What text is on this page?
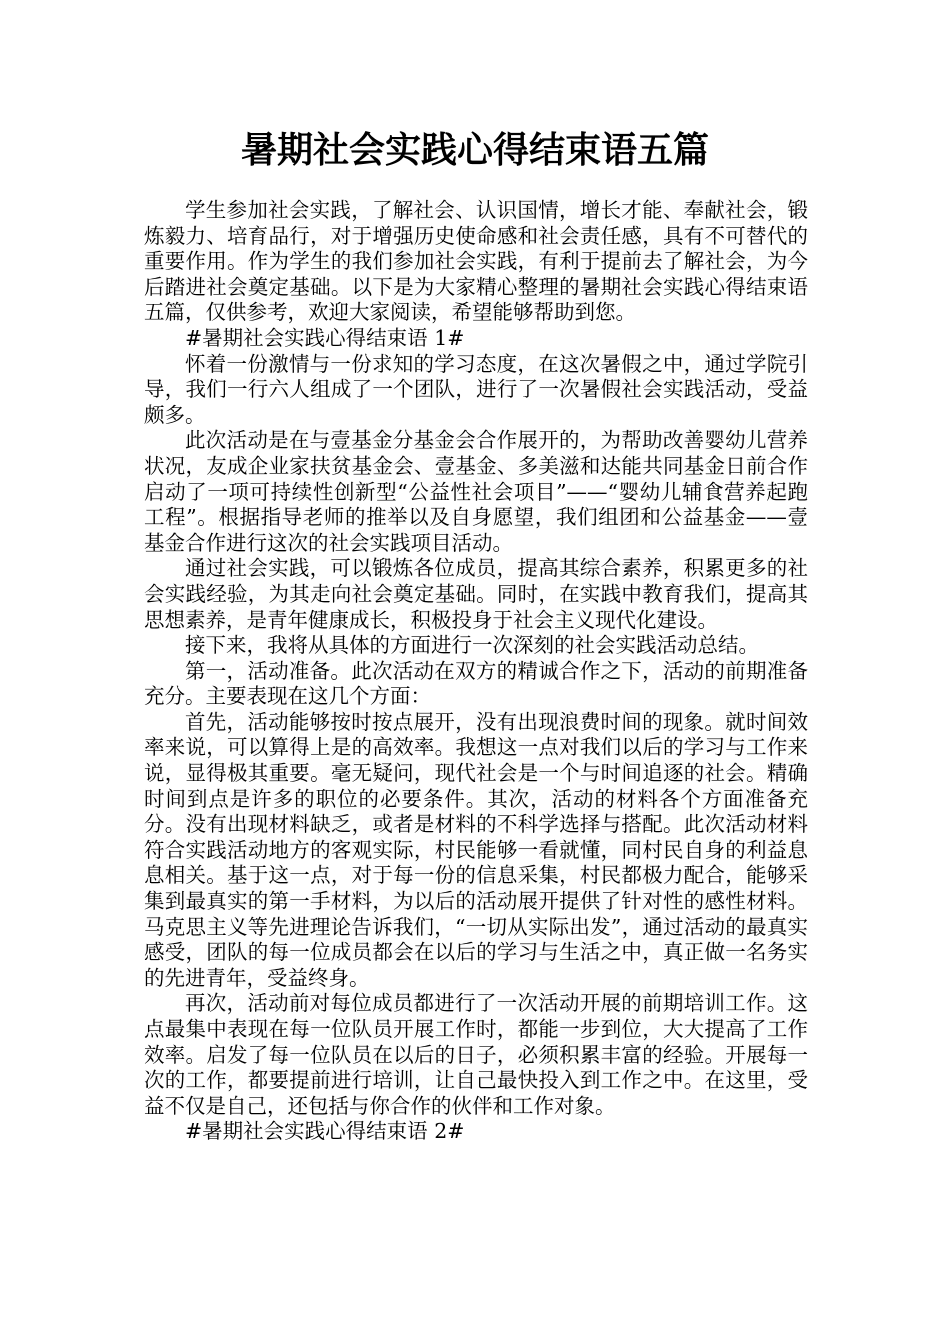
暑期社会实践心得结束语五篇

学生参加社会实践，了解社会、认识国情，增长才能、奉献社会，锻炼毅力、培育品行，对于增强历史使命感和社会责任感，具有不可替代的重要作用。作为学生的我们参加社会实践，有利于提前去了解社会，为今后踏进社会奠定基础。以下是为大家精心整理的暑期社会实践心得结束语五篇，仅供参考，欢迎大家阅读，希望能够帮助到您。

#暑期社会实践心得结束语 1#

怀着一份激情与一份求知的学习态度，在这次暑假之中，通过学院引导，我们一行六人组成了一个团队，进行了一次暑假社会实践活动，受益颇多。

此次活动是在与壹基金分基金会合作展开的，为帮助改善婴幼儿营养状况，友成企业家扶贫基金会、壹基金、多美滋和达能共同基金日前合作启动了一项可持续性创新型“公益性社会项目”——“婴幼儿辅食营养起跑工程”。根据指导老师的推举以及自身愿望，我们组团和公益基金——壹基金合作进行这次的社会实践项目活动。

通过社会实践，可以锻炼各位成员，提高其综合素养，积累更多的社会实践经验，为其走向社会奠定基础。同时，在实践中教育我们，提高其思想素养，是青年健康成长，积极投身于社会主义现代化建设。

接下来，我将从具体的方面进行一次深刻的社会实践活动总结。

第一，活动准备。此次活动在双方的精诚合作之下，活动的前期准备充分。主要表现在这几个方面：

首先，活动能够按时按点展开，没有出现浪费时间的现象。就时间效率来说，可以算得上是的高效率。我想这一点对我们以后的学习与工作来说，显得极其重要。毫无疑问，现代社会是一个与时间追逐的社会。精确时间到点是许多的职位的必要条件。其次，活动的材料各个方面准备充分。没有出现材料缺乏，或者是材料的不科学选择与搭配。此次活动材料符合实践活动地方的客观实际，村民能够一看就懂，同村民自身的利益息息相关。基于这一点，对于每一份的信息采集，村民都极力配合，能够采集到最真实的第一手材料，为以后的活动展开提供了针对性的感性材料。马克思主义等先进理论告诉我们，“一切从实际出发”，通过活动的最真实感受，团队的每一位成员都会在以后的学习与生活之中，真正做一名务实的先进青年，受益终身。

再次，活动前对每位成员都进行了一次活动开展的前期培训工作。这点最集中表现在每一位队员开展工作时，都能一步到位，大大提高了工作效率。启发了每一位队员在以后的日子，必须积累丰富的经验。开展每一次的工作，都要提前进行培训，让自己最快投入到工作之中。在这里，受益不仅是自己，还包括与你合作的伙伴和工作对象。

#暑期社会实践心得结束语 2#
